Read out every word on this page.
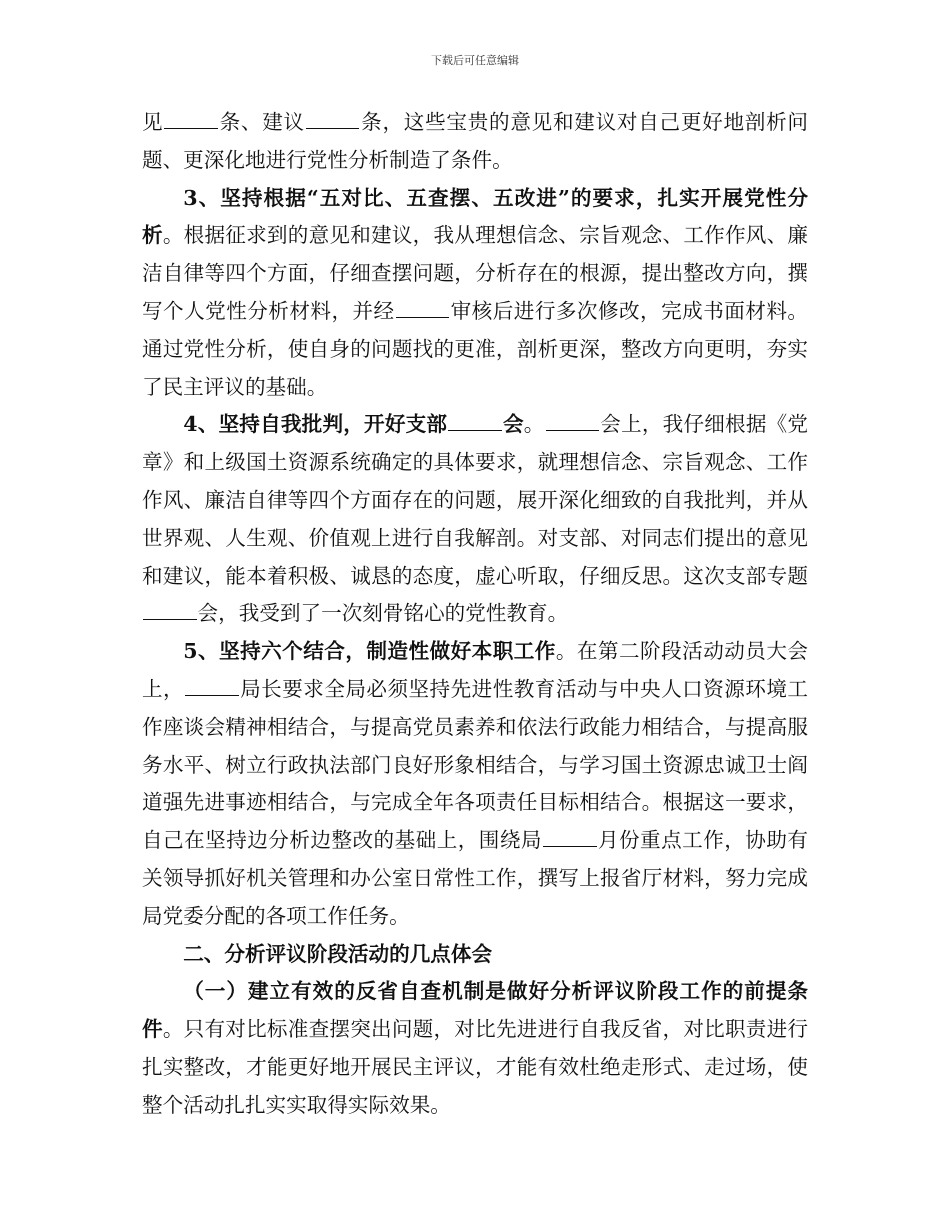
下载后可任意编辑

见	条、建议	条，这些宝贵的意见和建议对自己更好地剖析问题、更深化地进行党性分析制造了条件。

3、坚持根据“五对比、五查摆、五改进”的要求，扎实开展党性分析。根据征求到的意见和建议，我从理想信念、宗旨观念、工作作风、廉洁自律等四个方面，仔细查摆问题，分析存在的根源，提出整改方向，撰写个人党性分析材料，并经	审核后进行多次修改，完成书面材料。通过党性分析，使自身的问题找的更准，剖析更深，整改方向更明，夯实了民主评议的基础。

4、坚持自我批判，开好支部	会。	会上，我仔细根据《党章》和上级国土资源系统确定的具体要求，就理想信念、宗旨观念、工作作风、廉洁自律等四个方面存在的问题，展开深化细致的自我批判，并从世界观、人生观、价值观上进行自我解剖。对支部、对同志们提出的意见和建议，能本着积极、诚恳的态度，虚心听取，仔细反思。这次支部专题会，我受到了一次刻骨铭心的党性教育。

5、坚持六个结合，制造性做好本职工作。在第二阶段活动动员大会上，	局长要求全局必须坚持先进性教育活动与中央人口资源环境工作座谈会精神相结合，与提高党员素养和依法行政能力相结合，与提高服务水平、树立行政执法部门良好形象相结合，与学习国土资源忠诚卫士阎道强先进事迹相结合，与完成全年各项责任目标相结合。根据这一要求，自己在坚持边分析边整改的基础上，围绕局	月份重点工作，协助有关领导抓好机关管理和办公室日常性工作，撰写上报省厅材料，努力完成局党委分配的各项工作任务。

二、分析评议阶段活动的几点体会

（一）建立有效的反省自查机制是做好分析评议阶段工作的前提条件。只有对比标准查摆突出问题，对比先进进行自我反省，对比职责进行扎实整改，才能更好地开展民主评议，才能有效杜绝走形式、走过场，使整个活动扎扎实实取得实际效果。
